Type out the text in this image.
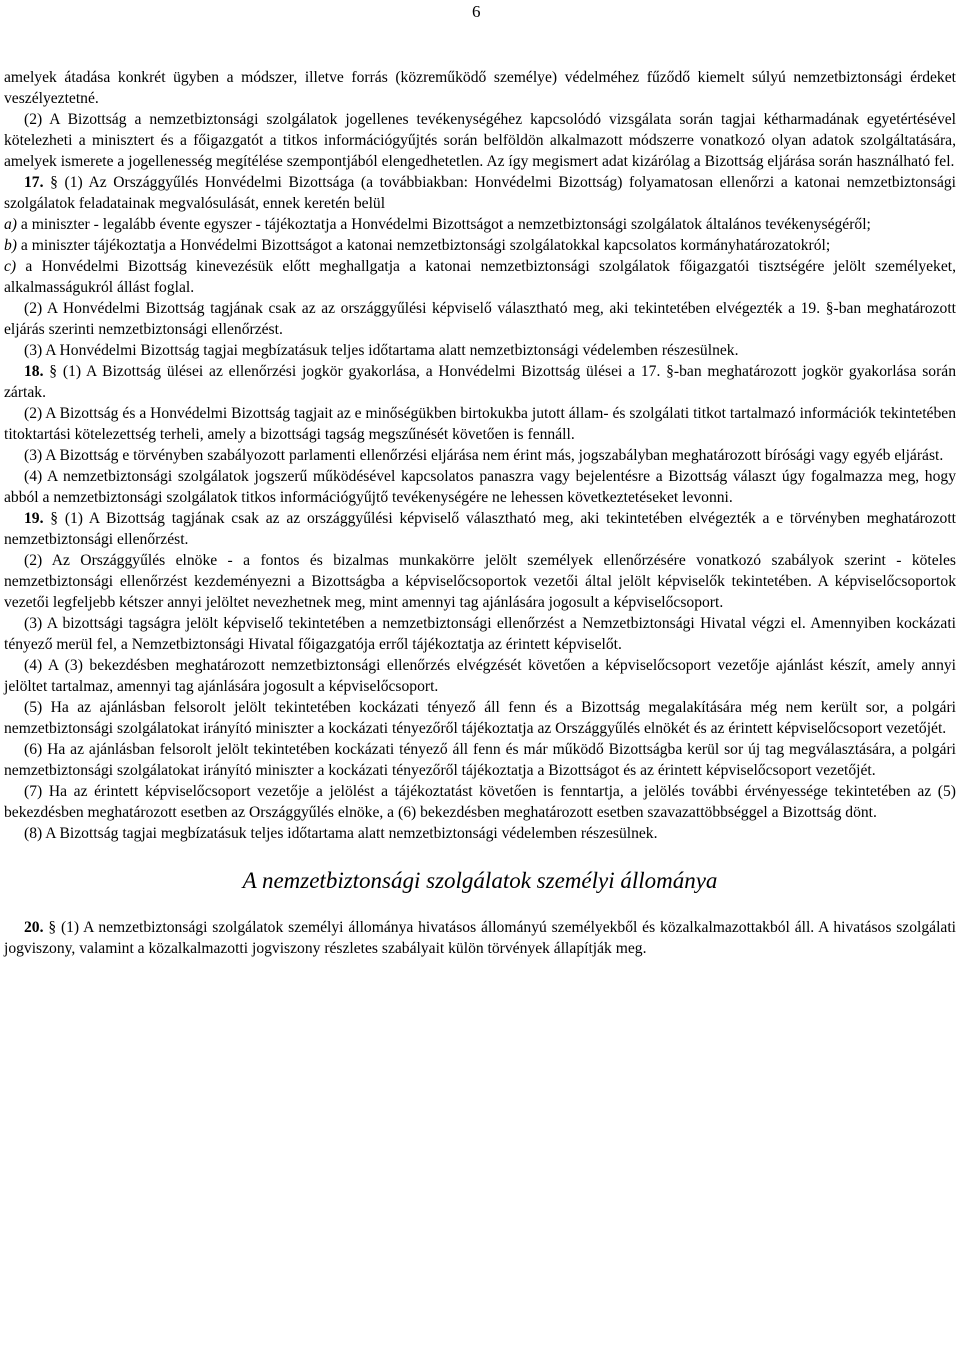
6

amelyek átadása konkrét ügyben a módszer, illetve forrás (közreműködő személye) védelméhez fűződő kiemelt súlyú nemzetbiztonsági érdeket veszélyeztetné.

(2) A Bizottság a nemzetbiztonsági szolgálatok jogellenes tevékenységéhez kapcsolódó vizsgálata során tagjai kétharmadának egyetértésével kötelezheti a minisztert és a főigazgatót a titkos információgyűjtés során belföldön alkalmazott módszerre vonatkozó olyan adatok szolgáltatására, amelyek ismerete a jogellenesség megítélése szempontjából elengedhetetlen. Az így megismert adat kizárólag a Bizottság eljárása során használható fel.

17. § (1) Az Országgyűlés Honvédelmi Bizottsága (a továbbiakban: Honvédelmi Bizottság) folyamatosan ellenőrzi a katonai nemzetbiztonsági szolgálatok feladatainak megvalósulását, ennek keretén belül

a) a miniszter - legalább évente egyszer - tájékoztatja a Honvédelmi Bizottságot a nemzetbiztonsági szolgálatok általános tevékenységéről;

b) a miniszter tájékoztatja a Honvédelmi Bizottságot a katonai nemzetbiztonsági szolgálatokkal kapcsolatos kormányhatározatokról;

c) a Honvédelmi Bizottság kinevezésük előtt meghallgatja a katonai nemzetbiztonsági szolgálatok főigazgatói tisztségére jelölt személyeket, alkalmasságukról állást foglal.

(2) A Honvédelmi Bizottság tagjának csak az az országgyűlési képviselő választható meg, aki tekintetében elvégezték a 19. §-ban meghatározott eljárás szerinti nemzetbiztonsági ellenőrzést.

(3) A Honvédelmi Bizottság tagjai megbízatásuk teljes időtartama alatt nemzetbiztonsági védelemben részesülnek.

18. § (1) A Bizottság ülései az ellenőrzési jogkör gyakorlása, a Honvédelmi Bizottság ülései a 17. §-ban meghatározott jogkör gyakorlása során zártak.

(2) A Bizottság és a Honvédelmi Bizottság tagjait az e minőségükben birtokukba jutott állam- és szolgálati titkot tartalmazó információk tekintetében titoktartási kötelezettség terheli, amely a bizottsági tagság megszűnését követően is fennáll.

(3) A Bizottság e törvényben szabályozott parlamenti ellenőrzési eljárása nem érint más, jogszabályban meghatározott bírósági vagy egyéb eljárást.

(4) A nemzetbiztonsági szolgálatok jogszerű működésével kapcsolatos panaszra vagy bejelentésre a Bizottság választ úgy fogalmazza meg, hogy abból a nemzetbiztonsági szolgálatok titkos információgyűjtő tevékenységére ne lehessen következtetéseket levonni.

19. § (1) A Bizottság tagjának csak az az országgyűlési képviselő választható meg, aki tekintetében elvégezték a e törvényben meghatározott nemzetbiztonsági ellenőrzést.

(2) Az Országgyűlés elnöke - a fontos és bizalmas munkakörre jelölt személyek ellenőrzésére vonatkozó szabályok szerint - köteles nemzetbiztonsági ellenőrzést kezdeményezni a Bizottságba a képviselőcsoportok vezetői által jelölt képviselők tekintetében. A képviselőcsoportok vezetői legfeljebb kétszer annyi jelöltet nevezhetnek meg, mint amennyi tag ajánlására jogosult a képviselőcsoport.

(3) A bizottsági tagságra jelölt képviselő tekintetében a nemzetbiztonsági ellenőrzést a Nemzetbiztonsági Hivatal végzi el. Amennyiben kockázati tényező merül fel, a Nemzetbiztonsági Hivatal főigazgatója erről tájékoztatja az érintett képviselőt.

(4) A (3) bekezdésben meghatározott nemzetbiztonsági ellenőrzés elvégzését követően a képviselőcsoport vezetője ajánlást készít, amely annyi jelöltet tartalmaz, amennyi tag ajánlására jogosult a képviselőcsoport.

(5) Ha az ajánlásban felsorolt jelölt tekintetében kockázati tényező áll fenn és a Bizottság megalakítására még nem került sor, a polgári nemzetbiztonsági szolgálatokat irányító miniszter a kockázati tényezőről tájékoztatja az Országgyűlés elnökét és az érintett képviselőcsoport vezetőjét.

(6) Ha az ajánlásban felsorolt jelölt tekintetében kockázati tényező áll fenn és már működő Bizottságba kerül sor új tag megválasztására, a polgári nemzetbiztonsági szolgálatokat irányító miniszter a kockázati tényezőről tájékoztatja a Bizottságot és az érintett képviselőcsoport vezetőjét.

(7) Ha az érintett képviselőcsoport vezetője a jelölést a tájékoztatást követően is fenntartja, a jelölés további érvényessége tekintetében az (5) bekezdésben meghatározott esetben az Országgyűlés elnöke, a (6) bekezdésben meghatározott esetben szavazattöbbséggel a Bizottság dönt.

(8) A Bizottság tagjai megbízatásuk teljes időtartama alatt nemzetbiztonsági védelemben részesülnek.

A nemzetbiztonsági szolgálatok személyi állománya

20. § (1) A nemzetbiztonsági szolgálatok személyi állománya hivatásos állományú személyekből és közalkalmazottakból áll. A hivatásos szolgálati jogviszony, valamint a közalkalmazotti jogviszony részletes szabályait külön törvények állapítják meg.
